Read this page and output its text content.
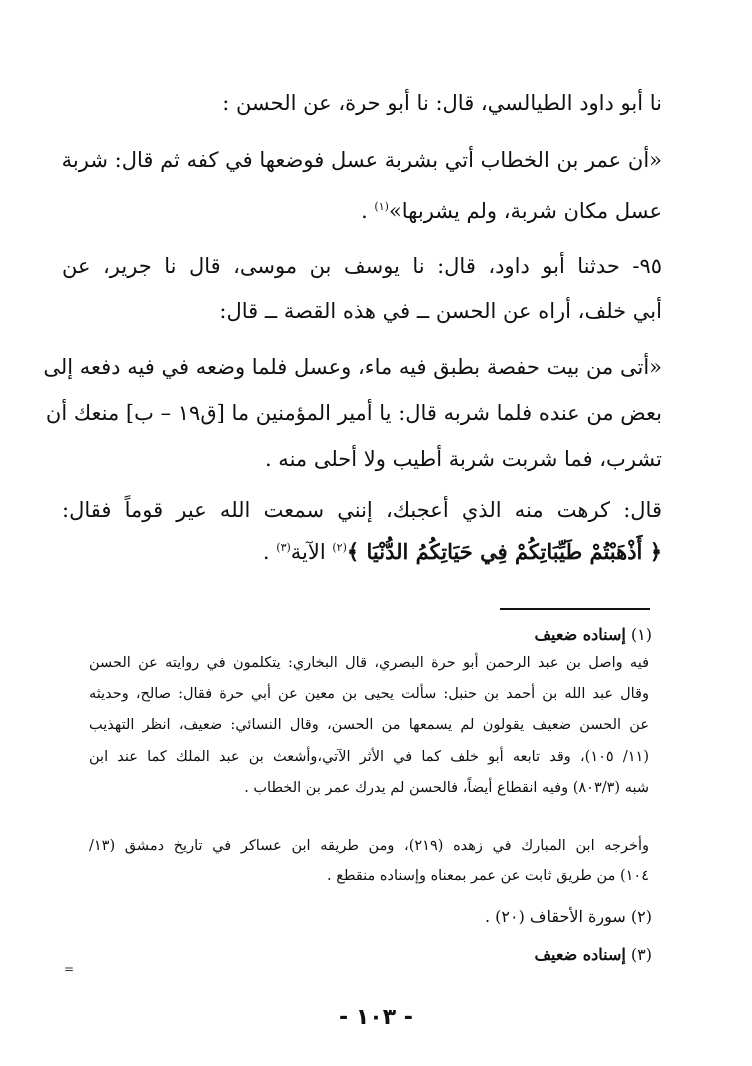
نا أبو داود الطيالسي، قال: نا أبو حرة، عن الحسن :
«أن عمر بن الخطاب أتي بشربة عسل فوضعها في كفه ثم قال: شربة
عسل مكان شربة، ولم يشربها»$^{(١)}$ .
٩٥- حدثنا أبو داود، قال: نا يوسف بن موسى، قال نا جرير، عن
أبي خلف، أراه عن الحسن ــ في هذه القصة ــ قال:
«أتى من بيت حفصة بطبق فيه ماء، وعسل فلما وضعه في فيه دفعه إلى
بعض من عنده فلما شربه قال: يا أمير المؤمنين ما [ق١٩ – ب] منعك أن
تشرب، فما شربت شربة أطيب ولا أحلى منه .
قال: كرهت منه الذي أعجبك، إنني سمعت الله عير قوماً فقال:
﴿ أَذْهَبْتُمْ طَيِّبَاتِكُمْ فِي حَيَاتِكُمُ الدُّنْيَا ﴾$^{(٢)}$ الآية$^{(٣)}$ .
(١) إسناده ضعيف
فيه واصل بن عبد الرحمن أبو حرة البصري، قال البخاري: يتكلمون في روايته عن الحسن
وقال عبد الله بن أحمد بن حنبل: سألت يحيى بن معين عن أبي حرة فقال: صالح، وحديثه
عن الحسن ضعيف يقولون لم يسمعها من الحسن، وقال النسائي: ضعيف، انظر التهذيب
(١١/ ١٠٥)، وقد تابعه أبو خلف كما في الأثر الآتي،وأشعث بن عبد الملك كما عند ابن
شبه (٨٠٣/٣) وفيه انقطاع أيضاً، فالحسن لم يدرك عمر بن الخطاب .
وأخرجه ابن المبارك في زهده (٢١٩)، ومن طريقه ابن عساكر في تاريخ دمشق (١٣/
١٠٤) من طريق ثابت عن عمر بمعناه وإسناده منقطع .
(٢) سورة الأحقاف (٢٠) .
(٣) إسناده ضعيف
=
- ١٠٣ -
